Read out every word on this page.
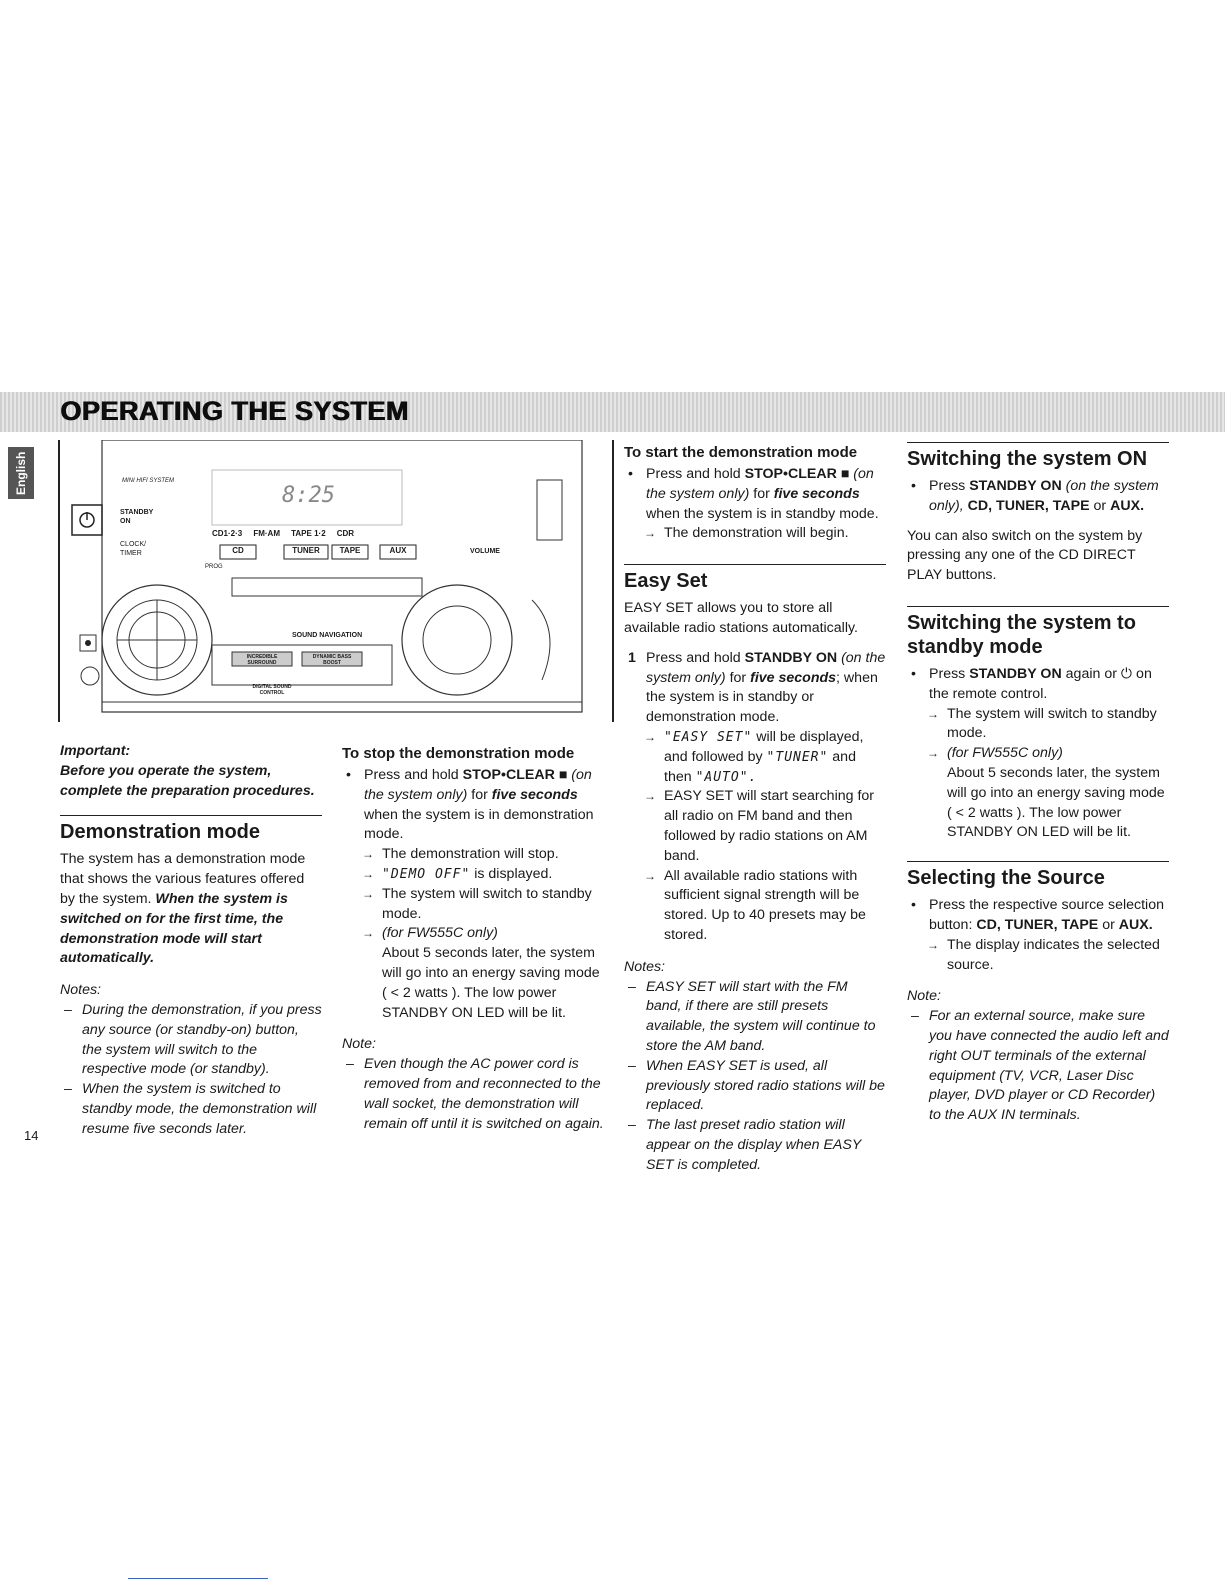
OPERATING THE SYSTEM
English
8:25
MINI HIFI SYSTEM
STANDBY ON
CLOCK/ TIMER
CD1·2·3     FM·AM     TAPE 1·2     CDR
CD	TUNER	TAPE	AUX	VOLUME
PROG
SOUND NAVIGATION
INCREDIBLE SURROUND
DYNAMIC BASS BOOST
DIGITAL SOUND CONTROL

Important:

Before you operate the system, complete the preparation procedures.

Demonstration mode

The system has a demonstration mode that shows the various features offered by the system. When the system is switched on for the first time, the demonstration mode will start automatically.

Notes:

– During the demonstration, if you press any source (or standby-on) button, the system will switch to the respective mode (or standby).

– When the system is switched to standby mode, the demonstration will resume five seconds later.

14
To stop the demonstration mode

• Press and hold STOP•CLEAR ■ (on the system only) for five seconds when the system is in demonstration mode.

→ The demonstration will stop.

→ "DEMO OFF" is displayed.

→ The system will switch to standby mode.

→ (for FW555C only)

About 5 seconds later, the system will go into an energy saving mode ( < 2 watts ). The low power STANDBY ON LED will be lit.

Note:

– Even though the AC power cord is removed from and reconnected to the wall socket, the demonstration will remain off until it is switched on again.

To start the demonstration mode

• Press and hold STOP•CLEAR ■ (on the system only) for five seconds when the system is in standby mode.

→ The demonstration will begin.

Easy Set

EASY SET allows you to store all available radio stations automatically.

1 Press and hold STANDBY ON (on the system only) for five seconds; when the system is in standby or demonstration mode.

→ "EASY SET" will be displayed, and followed by "TUNER" and then "AUTO".

→ EASY SET will start searching for all radio on FM band and then followed by radio stations on AM band.

→ All available radio stations with sufficient signal strength will be stored. Up to 40 presets may be stored.

Notes:

– EASY SET will start with the FM band, if there are still presets available, the system will continue to store the AM band.

– When EASY SET is used, all previously stored radio stations will be replaced.

– The last preset radio station will appear on the display when EASY SET is completed.

Switching the system ON

• Press STANDBY ON (on the system only), CD, TUNER, TAPE or AUX.

You can also switch on the system by pressing any one of the CD DIRECT PLAY buttons.

Switching the system to standby mode

• Press STANDBY ON again or ⏻ on the remote control.

→ The system will switch to standby mode.

→ (for FW555C only)

About 5 seconds later, the system will go into an energy saving mode ( < 2 watts ). The low power STANDBY ON LED will be lit.

Selecting the Source

• Press the respective source selection button: CD, TUNER, TAPE or AUX.

→ The display indicates the selected source.

Note:

– For an external source, make sure you have connected the audio left and right OUT terminals of the external equipment (TV, VCR, Laser Disc player, DVD player or CD Recorder) to the AUX IN terminals.
